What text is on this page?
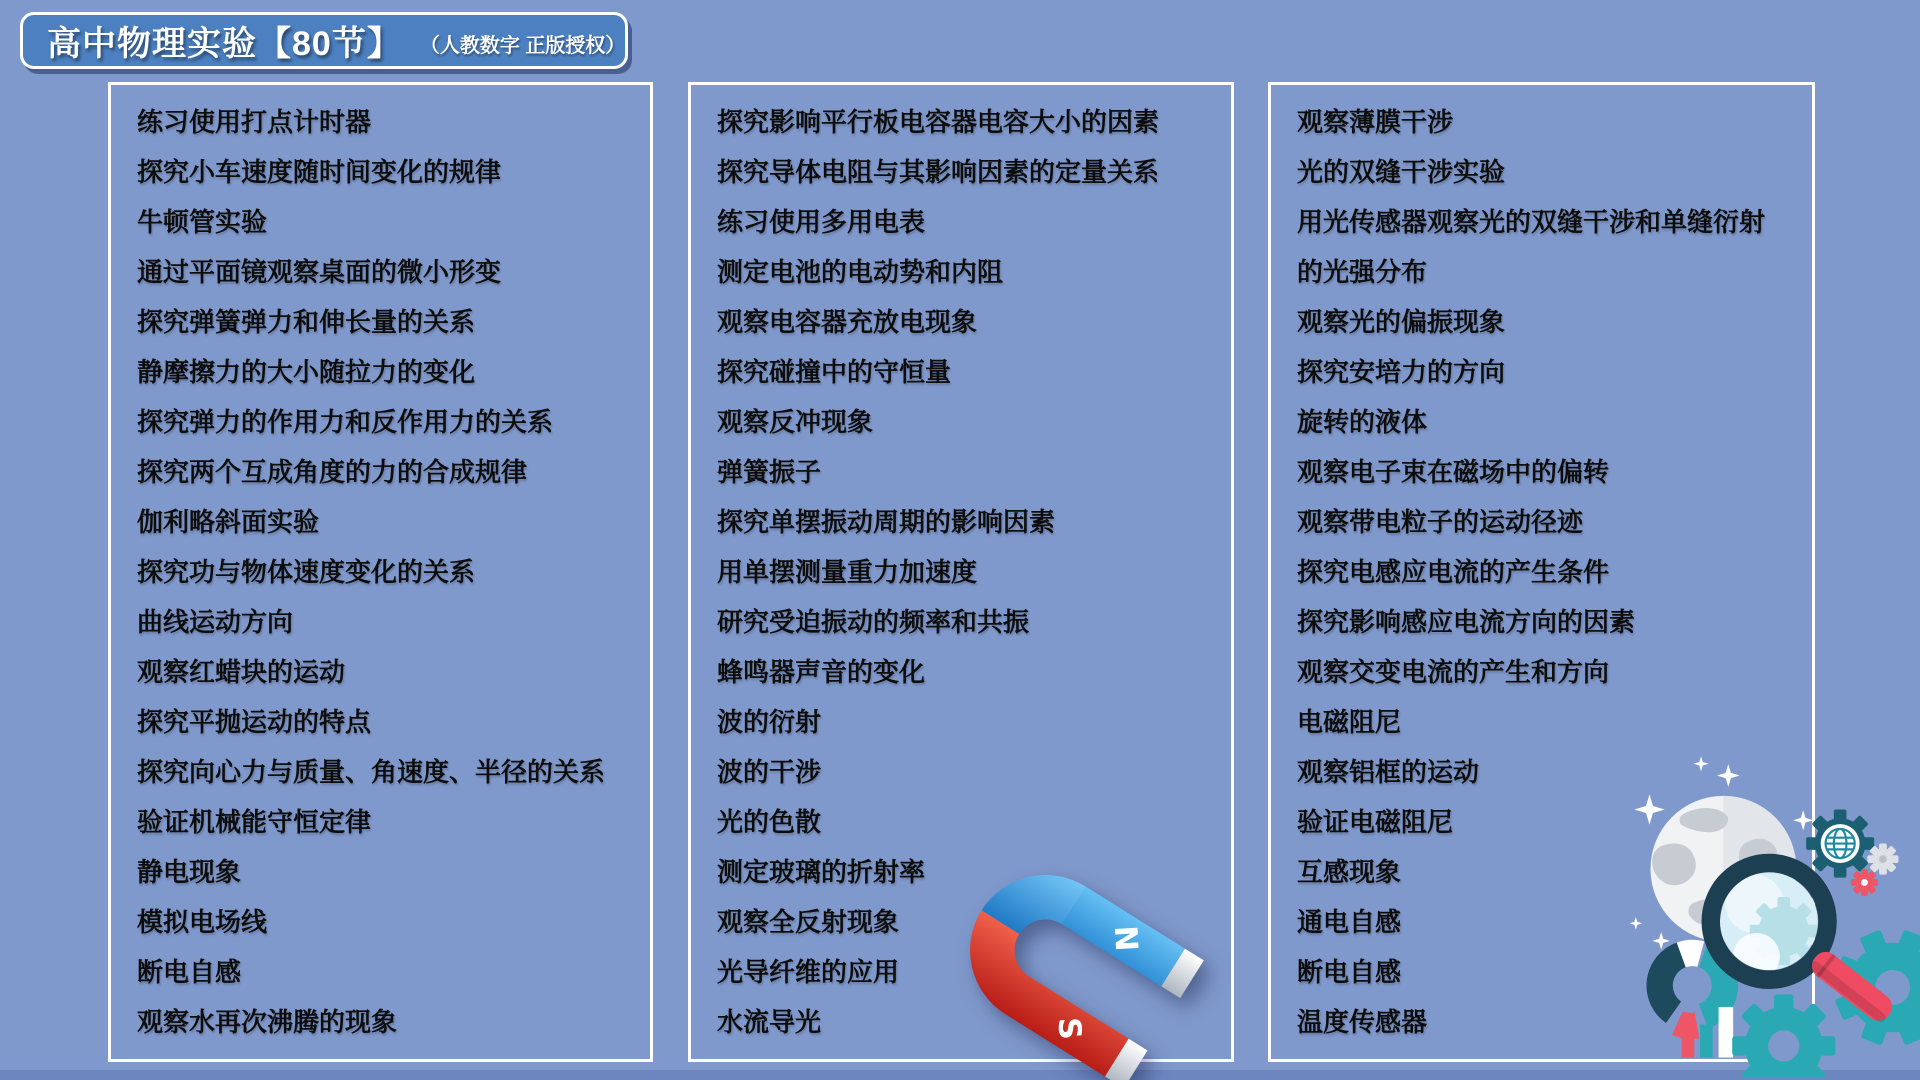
高中物理实验【80节】 （人教数字 正版授权）
练习使用打点计时器
探究小车速度随时间变化的规律
牛顿管实验
通过平面镜观察桌面的微小形变
探究弹簧弹力和伸长量的关系
静摩擦力的大小随拉力的变化
探究弹力的作用力和反作用力的关系
探究两个互成角度的力的合成规律
伽利略斜面实验
探究功与物体速度变化的关系
曲线运动方向
观察红蜡块的运动
探究平抛运动的特点
探究向心力与质量、角速度、半径的关系
验证机械能守恒定律
静电现象
模拟电场线
断电自感
观察水再次沸腾的现象
探究影响平行板电容器电容大小的因素
探究导体电阻与其影响因素的定量关系
练习使用多用电表
测定电池的电动势和内阻
观察电容器充放电现象
探究碰撞中的守恒量
观察反冲现象
弹簧振子
探究单摆振动周期的影响因素
用单摆测量重力加速度
研究受迫振动的频率和共振
蜂鸣器声音的变化
波的衍射
波的干涉
光的色散
测定玻璃的折射率
观察全反射现象
光导纤维的应用
水流导光
观察薄膜干涉
光的双缝干涉实验
用光传感器观察光的双缝干涉和单缝衍射
的光强分布
观察光的偏振现象
探究安培力的方向
旋转的液体
观察电子束在磁场中的偏转
观察带电粒子的运动径迹
探究电感应电流的产生条件
探究影响感应电流方向的因素
观察交变电流的产生和方向
电磁阻尼
观察铝框的运动
验证电磁阻尼
互感现象
通电自感
断电自感
温度传感器
N
S
